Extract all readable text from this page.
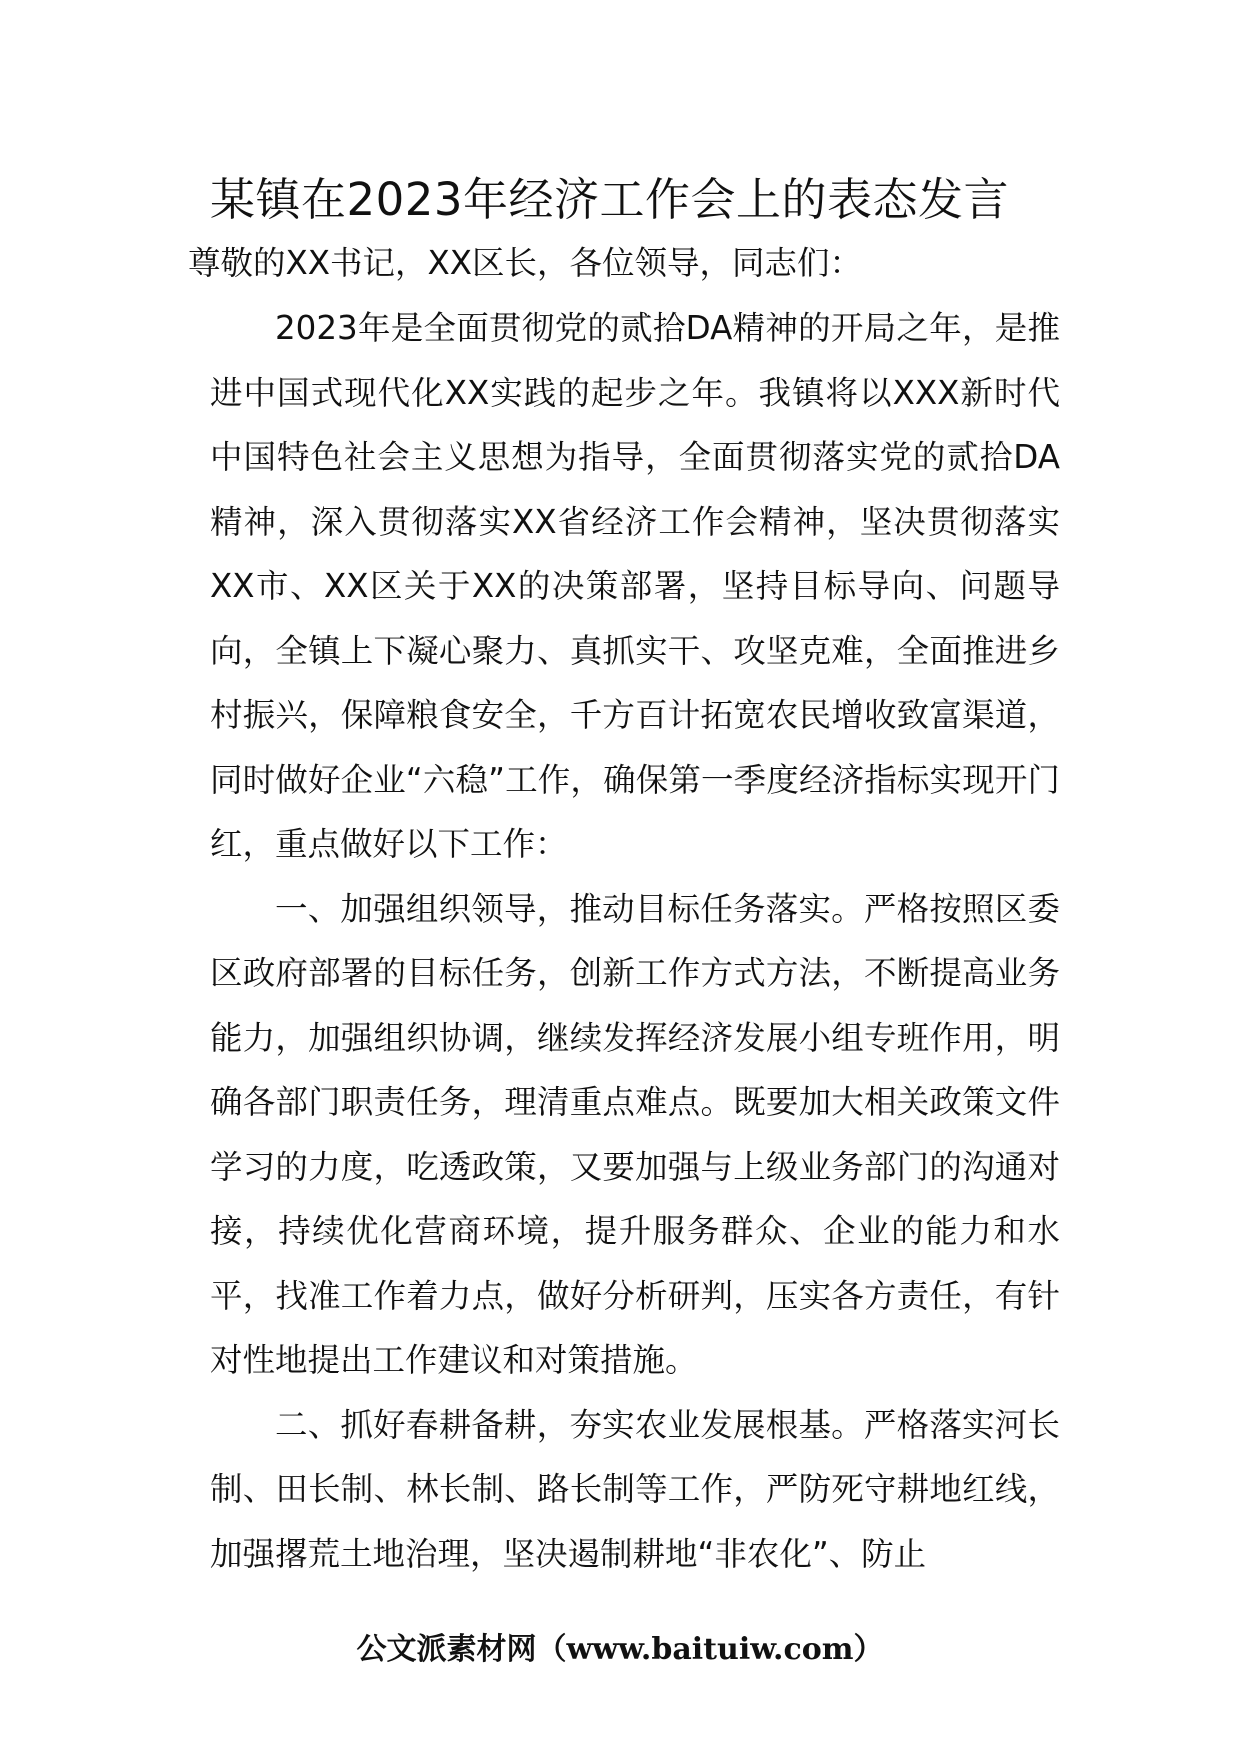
某镇在2023年经济工作会上的表态发言

尊敬的XX书记，XX区长，各位领导，同志们：

2023年是全面贯彻党的贰拾DA精神的开局之年，是推进中国式现代化XX实践的起步之年。我镇将以XXX新时代中国特色社会主义思想为指导，全面贯彻落实党的贰拾DA精神，深入贯彻落实XX省经济工作会精神，坚决贯彻落实XX市、XX区关于XX的决策部署，坚持目标导向、问题导向，全镇上下凝心聚力、真抓实干、攻坚克难，全面推进乡村振兴，保障粮食安全，千方百计拓宽农民增收致富渠道，同时做好企业“六稳”工作，确保第一季度经济指标实现开门红，重点做好以下工作：

一、加强组织领导，推动目标任务落实。严格按照区委区政府部署的目标任务，创新工作方式方法，不断提高业务能力，加强组织协调，继续发挥经济发展小组专班作用，明确各部门职责任务，理清重点难点。既要加大相关政策文件学习的力度，吃透政策，又要加强与上级业务部门的沟通对接，持续优化营商环境，提升服务群众、企业的能力和水平，找准工作着力点，做好分析研判，压实各方责任，有针对性地提出工作建议和对策措施。

二、抓好春耕备耕，夯实农业发展根基。严格落实河长制、田长制、林长制、路长制等工作，严防死守耕地红线，加强撂荒土地治理，坚决遏制耕地“非农化”、防止

公文派素材网（www.baituiw.com）
